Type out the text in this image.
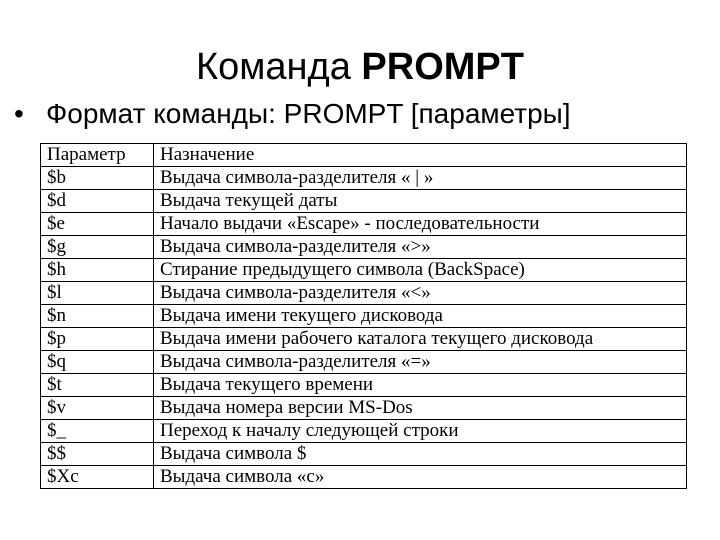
Команда PROMPT
• Формат команды: PROMPT [параметры]
Параметр	Назначение
$b	Выдача символа-разделителя « | »
$d	Выдача текущей даты
$e	Начало выдачи «Escape» - последовательности
$g	Выдача символа-разделителя «>»
$h	Стирание предыдущего символа (BackSpace)
$l	Выдача символа-разделителя «<»
$n	Выдача имени текущего дисковода
$p	Выдача имени рабочего каталога текущего дисковода
$q	Выдача символа-разделителя «=»
$t	Выдача текущего времени
$v	Выдача номера версии MS-Dos
$_	Переход к началу следующей строки
$$	Выдача символа $
$Xc	Выдача символа «c»
